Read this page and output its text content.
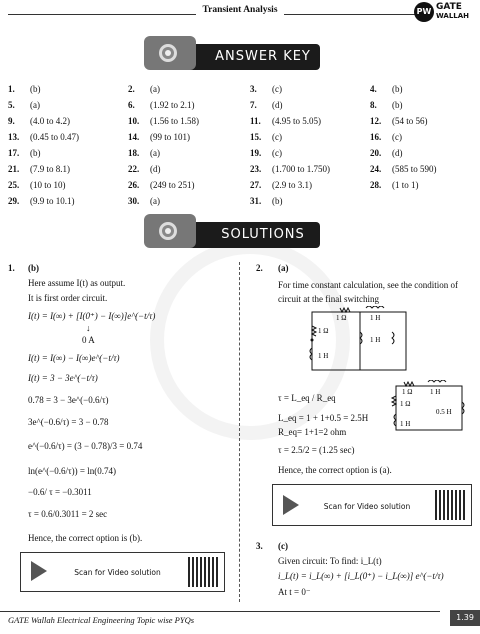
Transient Analysis	PW GATE
WALLAH
ANSWER KEY
1. (b)	2. (a)	3. (c)	4. (b)
5. (a)	6. (1.92 to 2.1)	7. (d)	8. (b)
9. (4.0 to 4.2)	10. (1.56 to 1.58)	11. (4.95 to 5.05)	12. (54 to 56)
13. (0.45 to 0.47)	14. (99 to 101)	15. (c)	16. (c)
17. (b)	18. (a)	19. (c)	20. (d)
21. (7.9 to 8.1)	22. (d)	23. (1.700 to 1.750)	24. (585 to 590)
25. (10 to 10)	26. (249 to 251)	27. (2.9 to 3.1)	28. (1 to 1)
29. (9.9 to 10.1)	30. (a)	31. (b)
SOLUTIONS
1. (b)
Here assume I(t) as output.
It is first order circuit.
I(t) = I(∞) + [I(0⁺) − I(∞)]e^(−t/τ)
↓
0 A
I(t) = I(∞) − I(∞)e^(−t/τ)
I(t) = 3 − 3e^(−t/τ)
0.78 = 3 − 3e^(−0.6/τ)
3e^(−0.6/τ) = 3 − 0.78
e^(−0.6/τ) = (3 − 0.78)/3 = 0.74
ln(e^(−0.6/τ)) = ln(0.74)
−0.6/ τ = −0.3011
τ = 0.6/0.3011 = 2 sec
Hence, the correct option is (b).
Scan for Video solution
2. (a)
For time constant calculation, see the condition of
circuit at the final switching
1 Ω	1 H
1 Ω
1 H
1 H
τ = L_eq / R_eq
L_eq = 1 + 1+0.5 = 2.5H
R_eq= 1+1=2 ohm
τ = 2.5/2 = (1.25 sec)
Hence, the correct option is (a).
1 Ω	1 H
1 Ω
1 H
0.5 H
Scan for Video solution
3. (c)
Given circuit: To find: i_L(t)
i_L(t) = i_L(∞) + [i_L(0⁺) − i_L(∞)] e^(−t/τ)
At t = 0⁻
GATE Wallah Electrical Engineering Topic wise PYQs	1.39
